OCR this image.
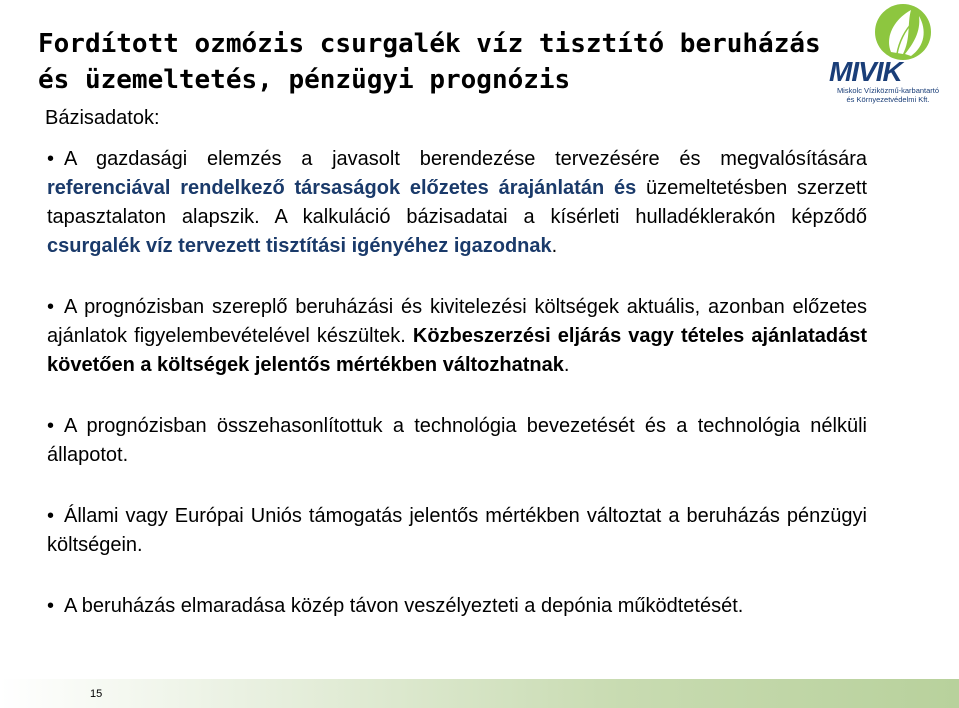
Fordított ozmózis csurgalék víz tisztító beruházás és üzemeltetés, pénzügyi prognózis	MIVIK
Miskolc Víziközmű-karbantartó
és Környezetvédelmi Kft.

Bázisadatok:

• A gazdasági elemzés a javasolt berendezése tervezésére és megvalósítására referenciával rendelkező társaságok előzetes árajánlatán és üzemeltetésben szerzett tapasztalaton alapszik. A kalkuláció bázisadatai a kísérleti hulladéklerakón képződő csurgalék víz tervezett tisztítási igényéhez igazodnak.

• A prognózisban szereplő beruházási és kivitelezési költségek aktuális, azonban előzetes ajánlatok figyelembevételével készültek. Közbeszerzési eljárás vagy tételes ajánlatadást követően a költségek jelentős mértékben változhatnak.

• A prognózisban összehasonlítottuk a technológia bevezetését és a technológia nélküli állapotot.

• Állami vagy Európai Uniós támogatás jelentős mértékben változtat a beruházás pénzügyi költségein.

• A beruházás elmaradása közép távon veszélyezteti a depónia működtetését.

15
